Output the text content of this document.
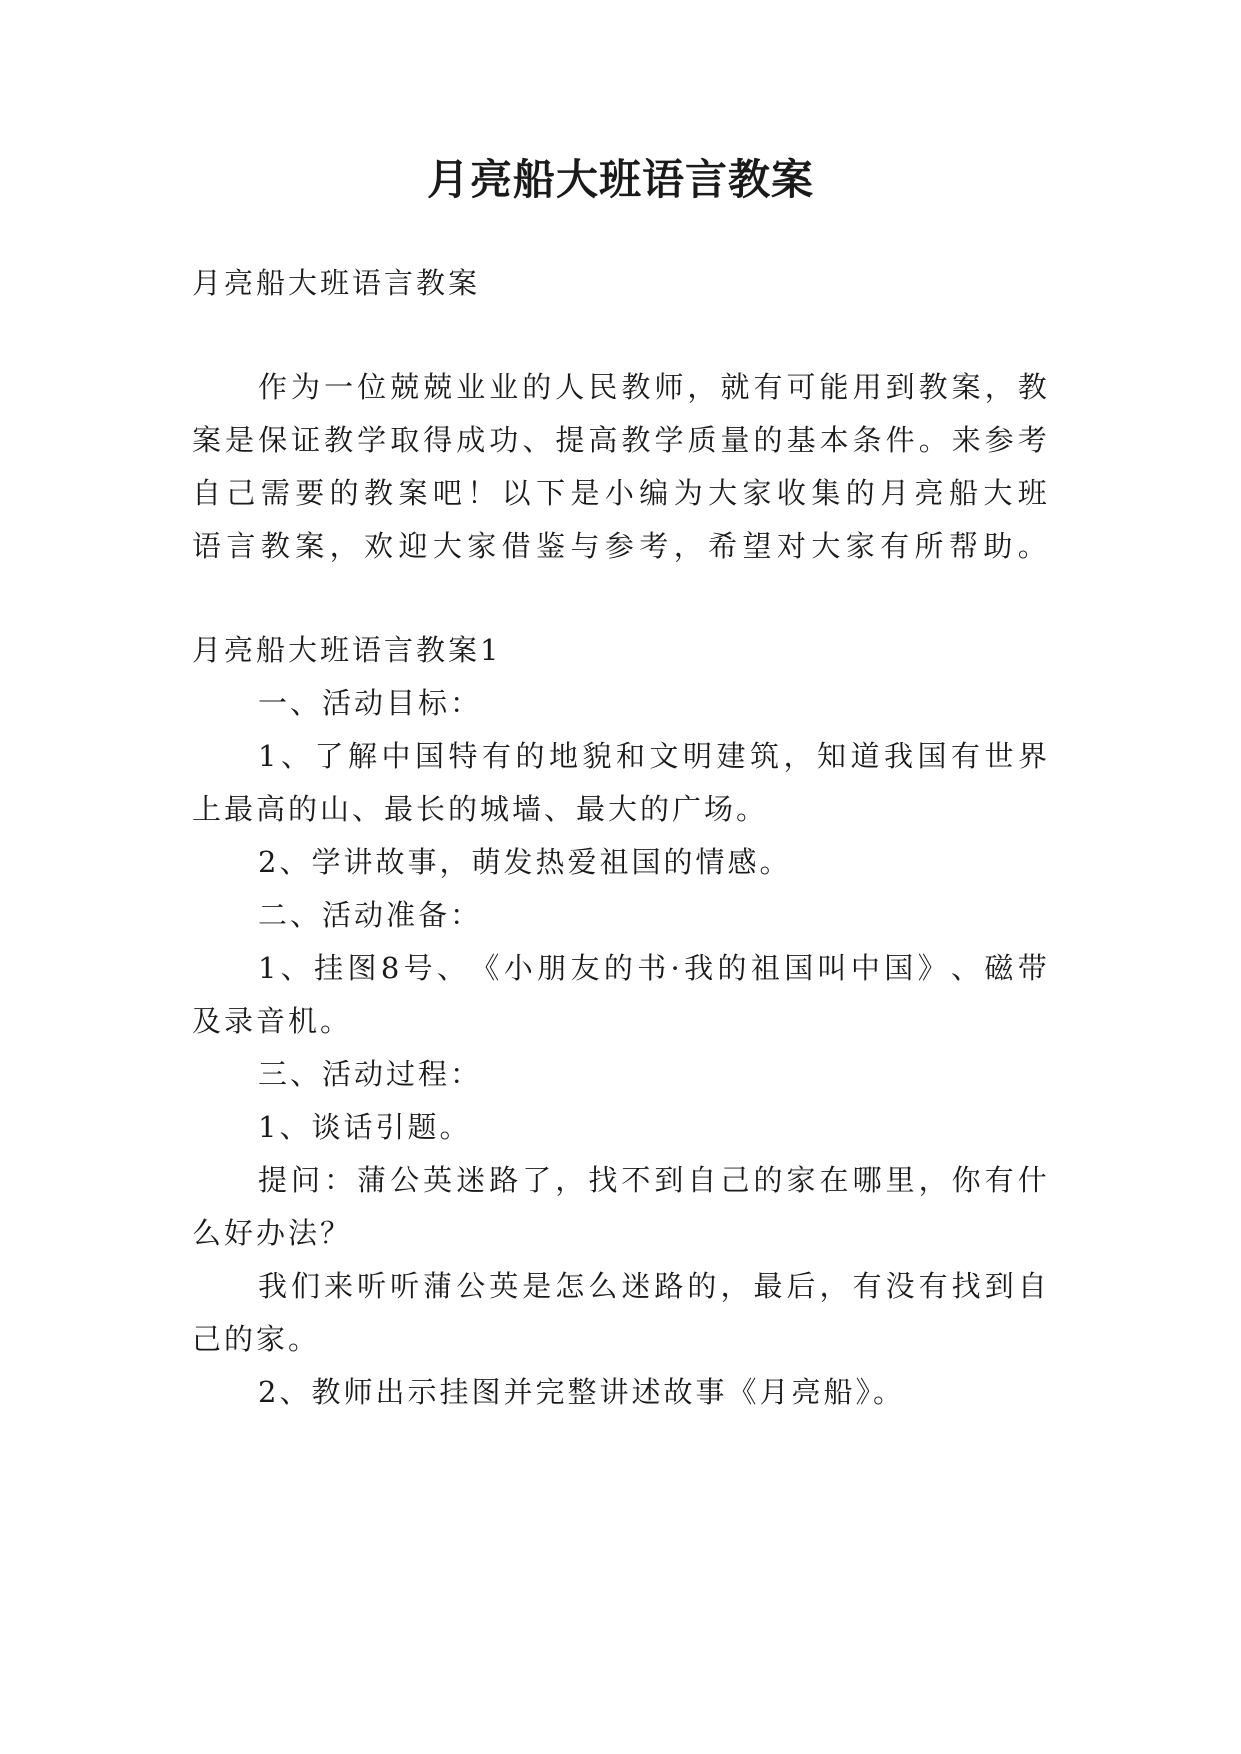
月亮船大班语言教案
月亮船大班语言教案
作 为 一 位 兢 兢 业 业 的 人 民 教 师 ， 就 有 可 能 用 到 教 案 ， 教
案 是 保 证 教 学 取 得 成 功 、 提 高 教 学 质 量 的 基 本 条 件 。 来 参 考
自 己 需 要 的 教 案 吧 ！ 以 下 是 小 编 为 大 家 收 集 的 月 亮 船 大 班
语 言 教 案 ， 欢 迎 大 家 借 鉴 与 参 考 ， 希 望 对 大 家 有 所 帮 助 。
月亮船大班语言教案1
一、活动目标：
1 、 了 解 中 国 特 有 的 地 貌 和 文 明 建 筑 ， 知 道 我 国 有 世 界
上最高的山、最长的城墙、最大的广场。
2、学讲故事，萌发热爱祖国的情感。
二、活动准备：
1 、 挂 图 8 号 、 《 小 朋 友 的 书 · 我 的 祖 国 叫 中 国 》 、 磁 带
及录音机。
三、活动过程：
1、谈话引题。
提 问 ： 蒲 公 英 迷 路 了 ， 找 不 到 自 己 的 家 在 哪 里 ， 你 有 什
么好办法？
我 们 来 听 听 蒲 公 英 是 怎 么 迷 路 的 ， 最 后 ， 有 没 有 找 到 自
己的家。
2、教师出示挂图并完整讲述故事《月亮船》。
